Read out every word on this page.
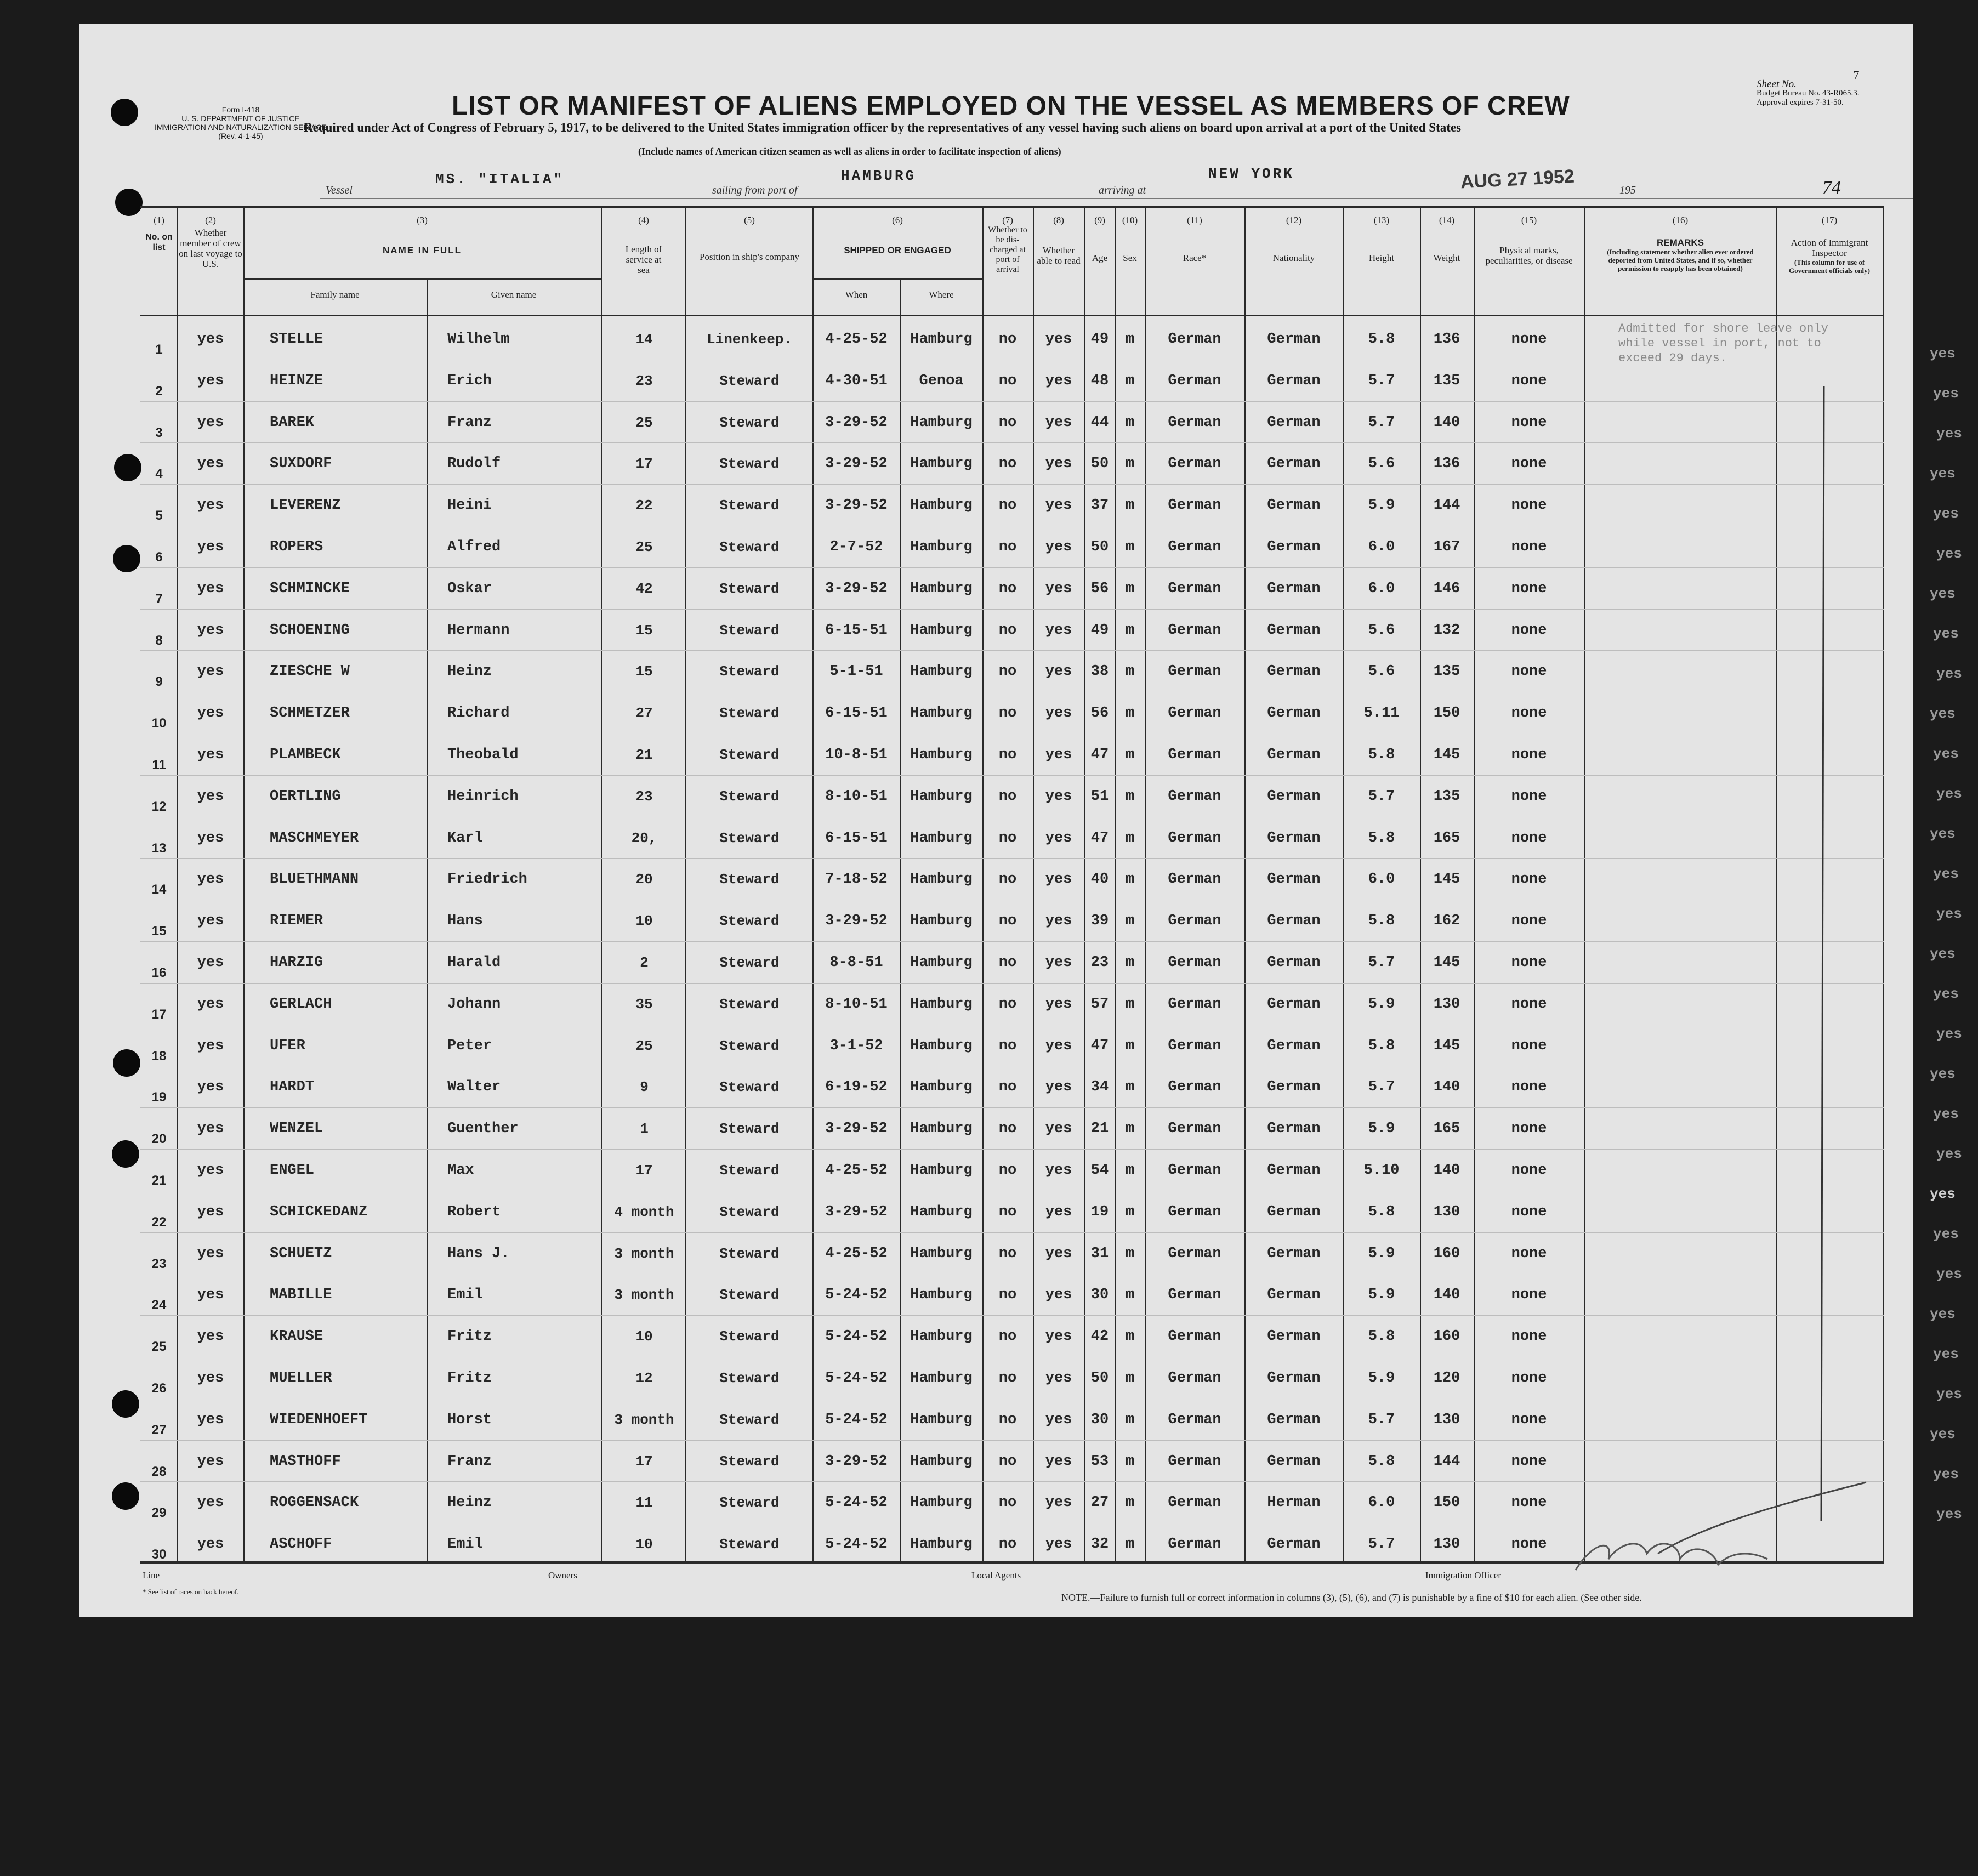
Form I-418
U. S. DEPARTMENT OF JUSTICE
IMMIGRATION AND NATURALIZATION SERVICE
(Rev. 4-1-45)
LIST OR MANIFEST OF ALIENS EMPLOYED ON THE VESSEL AS MEMBERS OF CREW
7
Sheet No.
Budget Bureau No. 43-R065.3.
Approval expires 7-31-50.
Required under Act of Congress of February 5, 1917, to be delivered to the United States immigration officer by the representatives of any vessel having such aliens on board upon arrival at a port of the United States
(Include names of American citizen seamen as well as aliens in order to facilitate inspection of aliens)
Vessel
MS. "ITALIA"
sailing from port of
HAMBURG
arriving at
NEW YORK	AUG 27 1952	195	74
(1)
No. on list
(2)
Whether member of crew on last voyage to U.S.
(3)
NAME IN FULL
Family name	Given name
(4)
Length of service at sea
(5)
Position in ship's company
(6)
SHIPPED OR ENGAGED
When	Where
(7)
Whether to be dis-charged at port of arrival
(8)
Whether able to read
(9)
Age
(10)
Sex
(11)
Race*
(12)
Nationality
(13)
Height
(14)
Weight
(15)
Physical marks, peculiarities, or disease
(16)
REMARKS
(Including statement whether alien ever ordered deported from United States, and if so, whether permission to reapply has been obtained)
(17)
Action of Immigrant Inspector
(This column for use of Government officials only)
1
yes	STELLE	Wilhelm	14	Linenkeep.	4-25-52	Hamburg	no	yes	49	m	German	German	5.8	136	none
2
yes	HEINZE	Erich	23	Steward	4-30-51	Genoa	no	yes	48	m	German	German	5.7	135	none
3
yes	BAREK	Franz	25	Steward	3-29-52	Hamburg	no	yes	44	m	German	German	5.7	140	none
4
yes	SUXDORF	Rudolf	17	Steward	3-29-52	Hamburg	no	yes	50	m	German	German	5.6	136	none
5
yes	LEVERENZ	Heini	22	Steward	3-29-52	Hamburg	no	yes	37	m	German	German	5.9	144	none
6
yes	ROPERS	Alfred	25	Steward	2-7-52	Hamburg	no	yes	50	m	German	German	6.0	167	none
7
yes	SCHMINCKE	Oskar	42	Steward	3-29-52	Hamburg	no	yes	56	m	German	German	6.0	146	none
8
yes	SCHOENING	Hermann	15	Steward	6-15-51	Hamburg	no	yes	49	m	German	German	5.6	132	none
9
yes	ZIESCHE W	Heinz	15	Steward	5-1-51	Hamburg	no	yes	38	m	German	German	5.6	135	none
10
yes	SCHMETZER	Richard	27	Steward	6-15-51	Hamburg	no	yes	56	m	German	German	5.11	150	none
11
yes	PLAMBECK	Theobald	21	Steward	10-8-51	Hamburg	no	yes	47	m	German	German	5.8	145	none
12
yes	OERTLING	Heinrich	23	Steward	8-10-51	Hamburg	no	yes	51	m	German	German	5.7	135	none
13
yes	MASCHMEYER	Karl	20,	Steward	6-15-51	Hamburg	no	yes	47	m	German	German	5.8	165	none
14
yes	BLUETHMANN	Friedrich	20	Steward	7-18-52	Hamburg	no	yes	40	m	German	German	6.0	145	none
15
yes	RIEMER	Hans	10	Steward	3-29-52	Hamburg	no	yes	39	m	German	German	5.8	162	none
16
yes	HARZIG	Harald	2	Steward	8-8-51	Hamburg	no	yes	23	m	German	German	5.7	145	none
17
yes	GERLACH	Johann	35	Steward	8-10-51	Hamburg	no	yes	57	m	German	German	5.9	130	none
18
yes	UFER	Peter	25	Steward	3-1-52	Hamburg	no	yes	47	m	German	German	5.8	145	none
19
yes	HARDT	Walter	9	Steward	6-19-52	Hamburg	no	yes	34	m	German	German	5.7	140	none
20
yes	WENZEL	Guenther	1	Steward	3-29-52	Hamburg	no	yes	21	m	German	German	5.9	165	none
21
yes	ENGEL	Max	17	Steward	4-25-52	Hamburg	no	yes	54	m	German	German	5.10	140	none
22
yes	SCHICKEDANZ	Robert	4 month	Steward	3-29-52	Hamburg	no	yes	19	m	German	German	5.8	130	none
23
yes	SCHUETZ	Hans J.	3 month	Steward	4-25-52	Hamburg	no	yes	31	m	German	German	5.9	160	none
24
yes	MABILLE	Emil	3 month	Steward	5-24-52	Hamburg	no	yes	30	m	German	German	5.9	140	none
25
yes	KRAUSE	Fritz	10	Steward	5-24-52	Hamburg	no	yes	42	m	German	German	5.8	160	none
26
yes	MUELLER	Fritz	12	Steward	5-24-52	Hamburg	no	yes	50	m	German	German	5.9	120	none
27
yes	WIEDENHOEFT	Horst	3 month	Steward	5-24-52	Hamburg	no	yes	30	m	German	German	5.7	130	none
28
yes	MASTHOFF	Franz	17	Steward	3-29-52	Hamburg	no	yes	53	m	German	German	5.8	144	none
29
yes	ROGGENSACK	Heinz	11	Steward	5-24-52	Hamburg	no	yes	27	m	German	Herman	6.0	150	none
30
yes	ASCHOFF	Emil	10	Steward	5-24-52	Hamburg	no	yes	32	m	German	German	5.7	130	none
Admitted for shore leave only
while vessel in port, not to
exceed 29 days.
Line	Owners	Local Agents	Immigration Officer
* See list of races on back hereof.
NOTE.—Failure to furnish full or correct information in columns (3), (5), (6), and (7) is punishable by a fine of $10 for each alien. (See other side.
yes
yes
yes
yes
yes
yes
yes
yes
yes
yes
yes
yes
yes
yes
yes
yes
yes
yes
yes
yes
yes
yes
yes
yes
yes
yes
yes
yes
yes
yes
